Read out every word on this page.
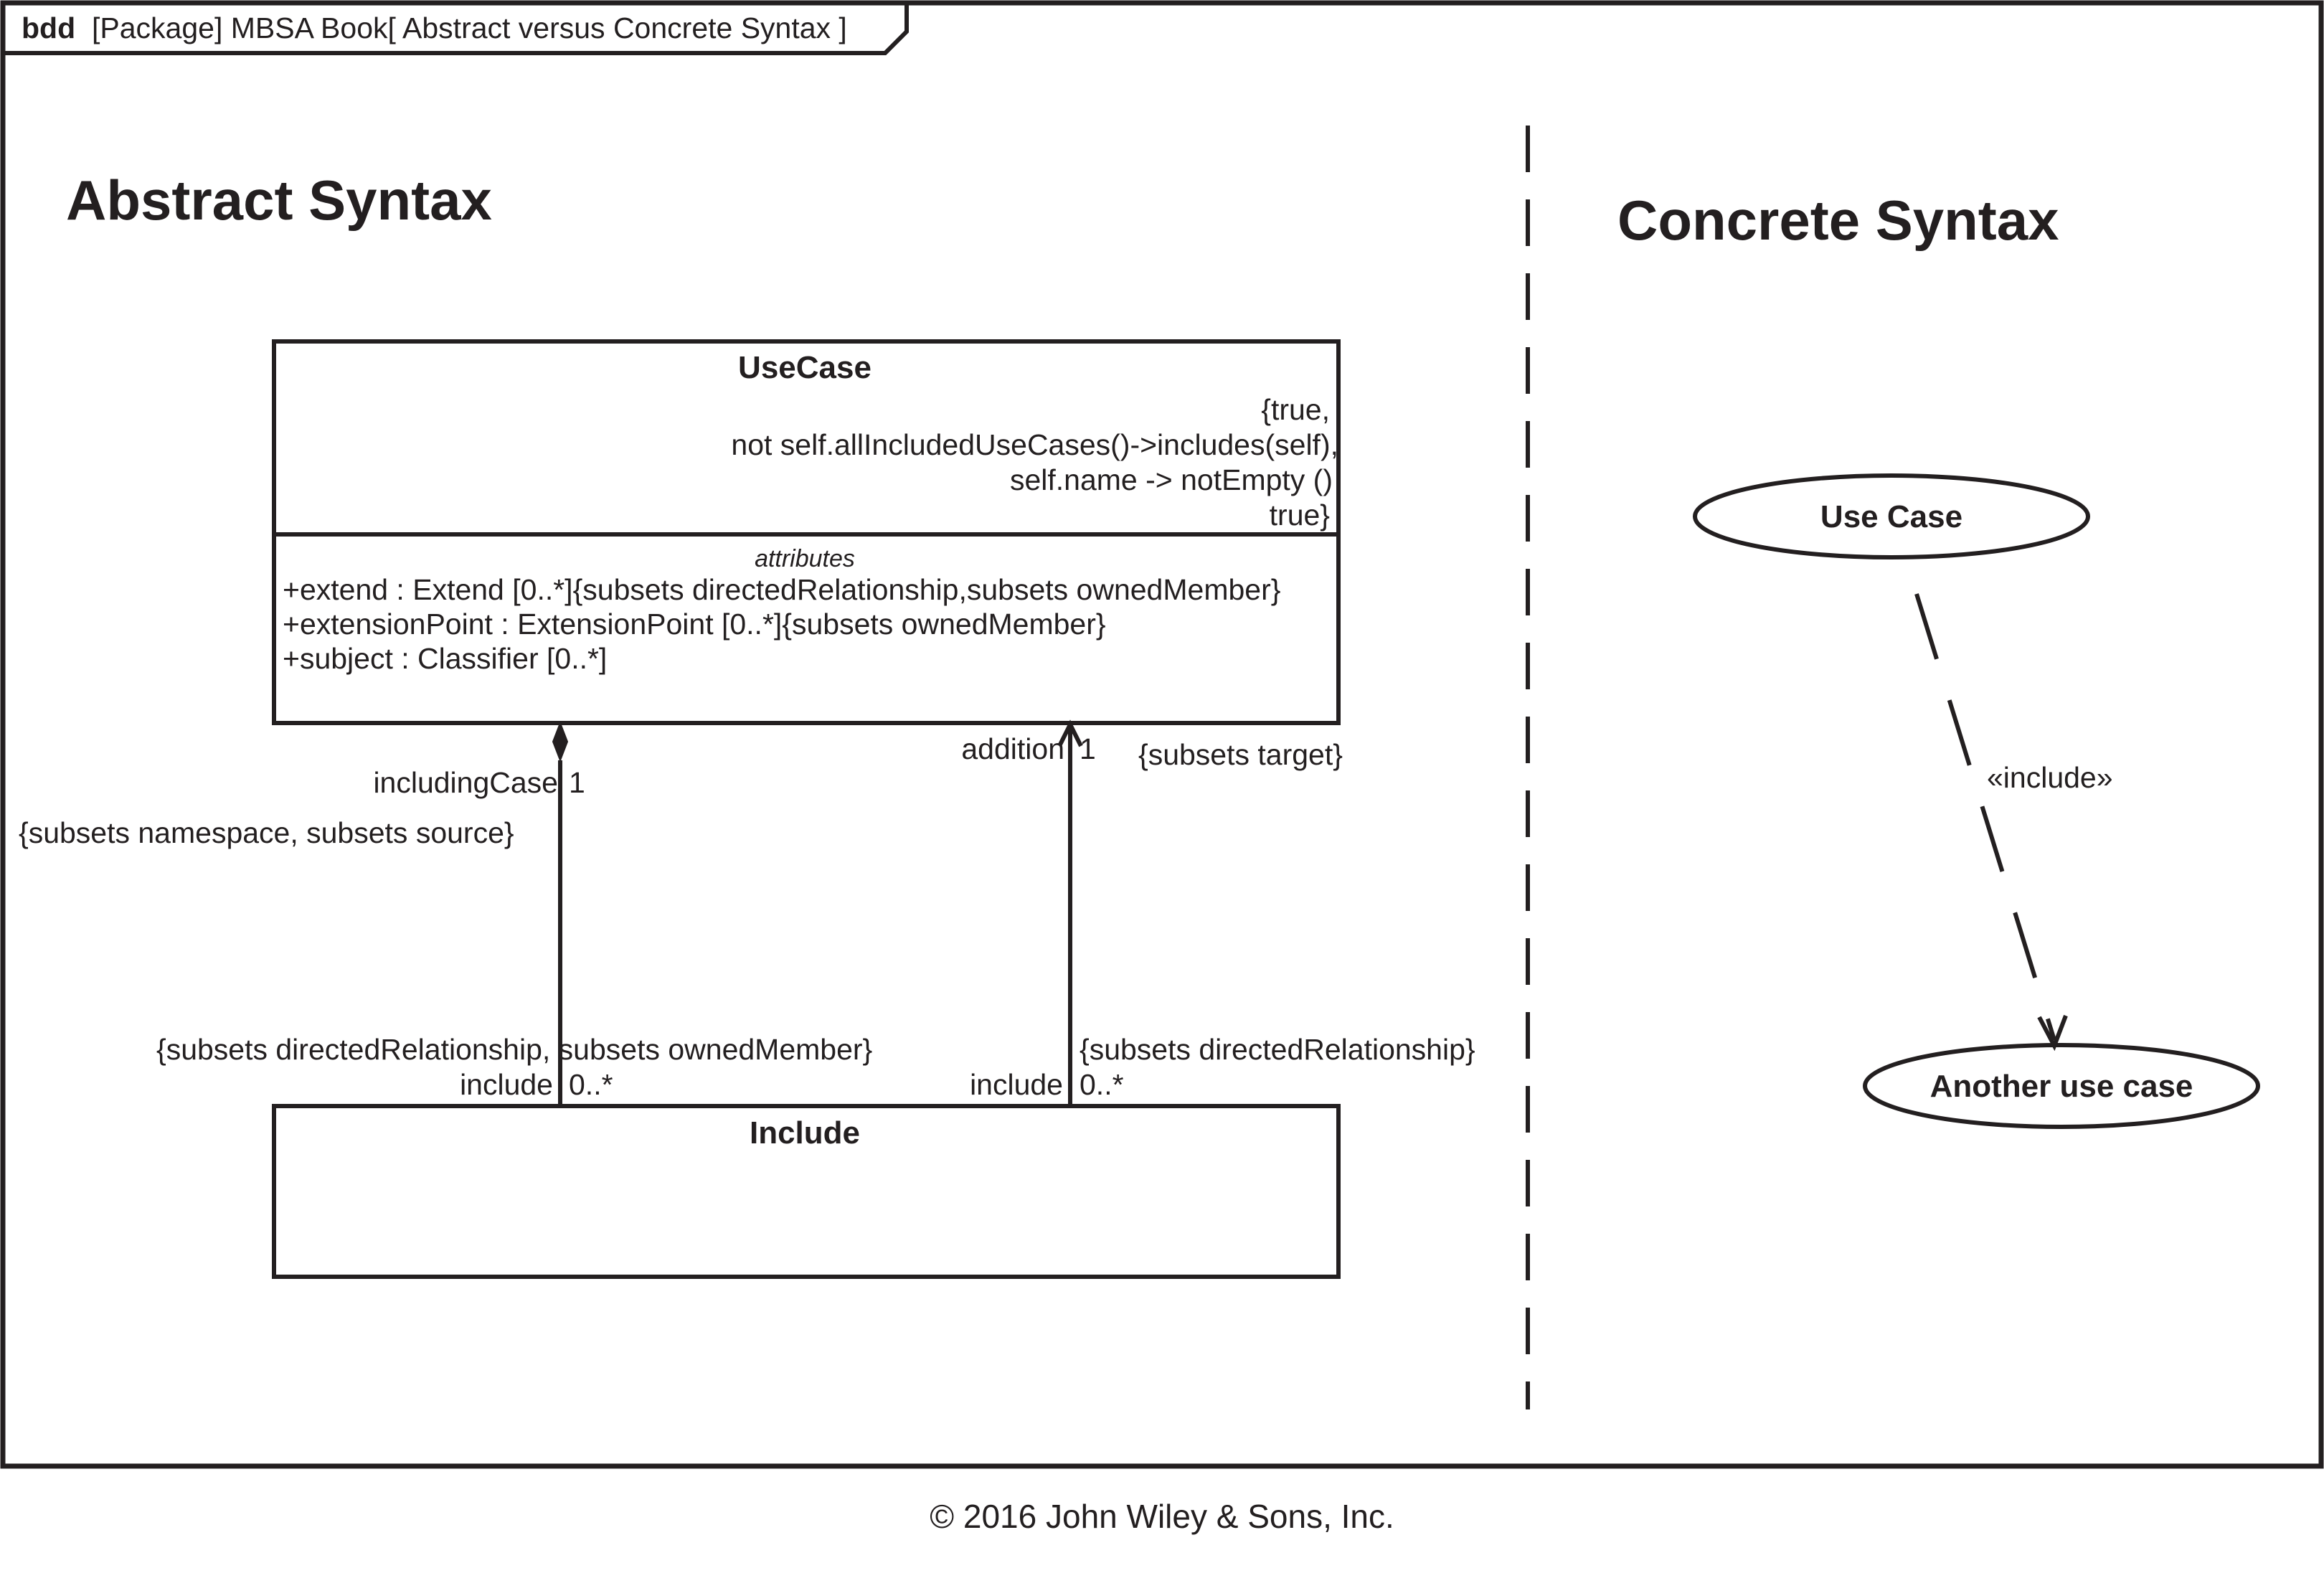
bdd [Package] MBSA Book[ Abstract versus Concrete Syntax ]
Abstract Syntax	Concrete Syntax
UseCase
{true,
not self.allIncludedUseCases()->includes(self),
self.name -> notEmpty ()
true}
attributes
+extend : Extend [0..*]{subsets directedRelationship,subsets ownedMember}
+extensionPoint : ExtensionPoint [0..*]{subsets ownedMember}
+subject : Classifier [0..*]
Include
includingCase 1
{subsets namespace, subsets source}
{subsets directedRelationship, subsets ownedMember}
include 0..*
addition 1 {subsets target}
{subsets directedRelationship}
include 0..*
Use Case
Another use case
«include»
© 2016 John Wiley & Sons, Inc.
